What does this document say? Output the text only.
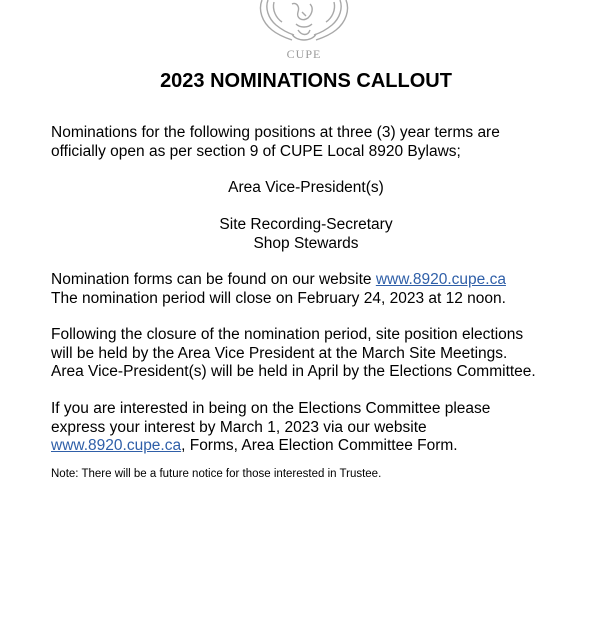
CUPE
2023 NOMINATIONS CALLOUT

Nominations for the following positions at three (3) year terms are
officially open as per section 9 of CUPE Local 8920 Bylaws;

Area Vice-President(s)

Site Recording-Secretary
Shop Stewards

Nomination forms can be found on our website www.8920.cupe.ca
The nomination period will close on February 24, 2023 at 12 noon.

Following the closure of the nomination period, site position elections
will be held by the Area Vice President at the March Site Meetings.
Area Vice-President(s) will be held in April by the Elections Committee.

If you are interested in being on the Elections Committee please
express your interest by March 1, 2023 via our website
www.8920.cupe.ca, Forms, Area Election Committee Form.

Note: There will be a future notice for those interested in Trustee.
